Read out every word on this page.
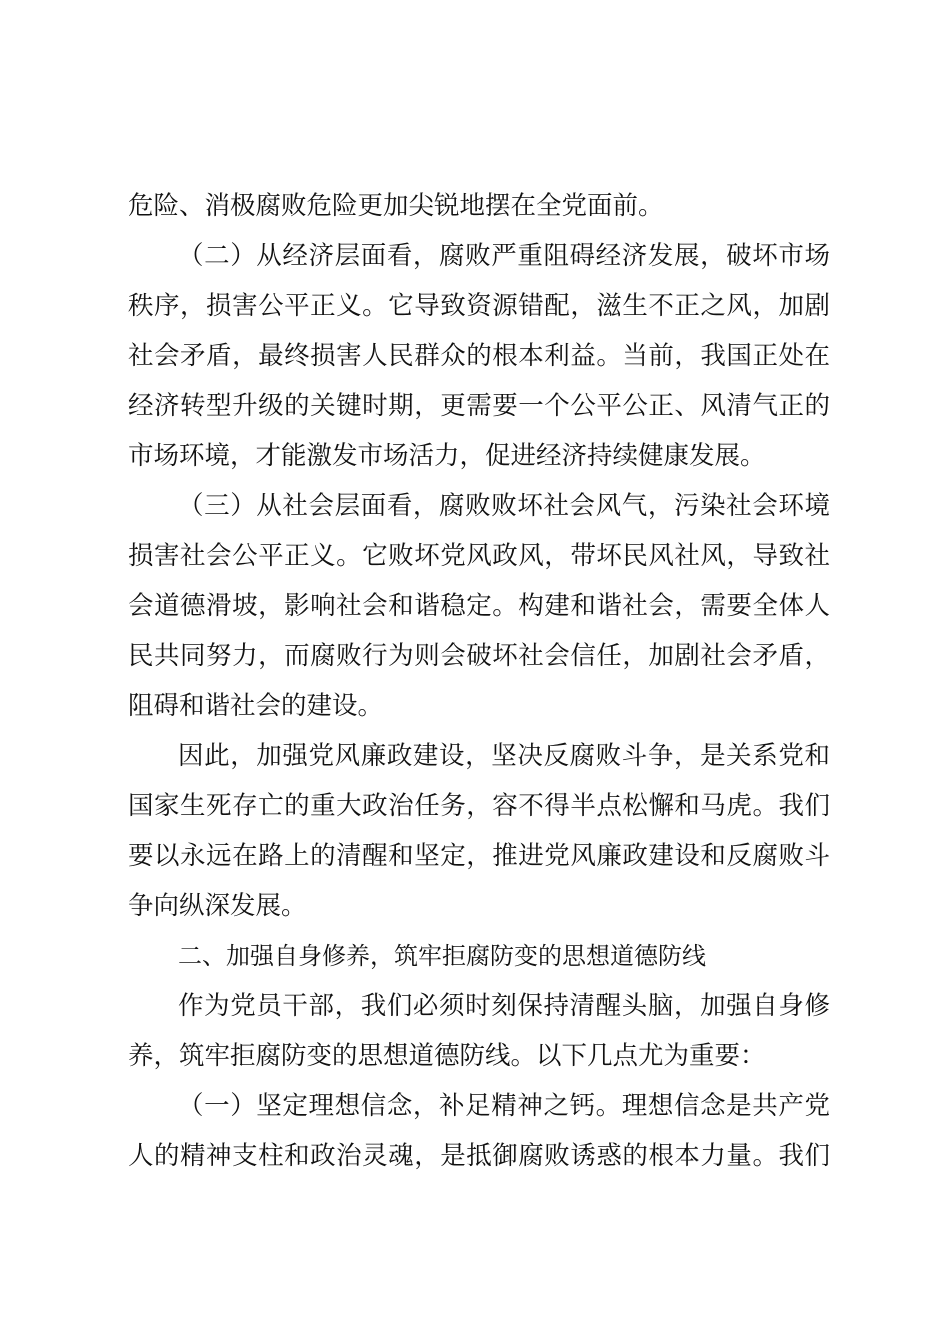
危险、消极腐败危险更加尖锐地摆在全党面前。
（二）从经济层面看，腐败严重阻碍经济发展，破坏市场
秩序，损害公平正义。它导致资源错配，滋生不正之风，加剧
社会矛盾，最终损害人民群众的根本利益。当前，我国正处在
经济转型升级的关键时期，更需要一个公平公正、风清气正的
市场环境，才能激发市场活力，促进经济持续健康发展。
（三）从社会层面看，腐败败坏社会风气，污染社会环境
损害社会公平正义。它败坏党风政风，带坏民风社风，导致社
会道德滑坡，影响社会和谐稳定。构建和谐社会，需要全体人
民共同努力，而腐败行为则会破坏社会信任，加剧社会矛盾，
阻碍和谐社会的建设。
因此，加强党风廉政建设，坚决反腐败斗争，是关系党和
国家生死存亡的重大政治任务，容不得半点松懈和马虎。我们
要以永远在路上的清醒和坚定，推进党风廉政建设和反腐败斗
争向纵深发展。
二、加强自身修养，筑牢拒腐防变的思想道德防线
作为党员干部，我们必须时刻保持清醒头脑，加强自身修
养，筑牢拒腐防变的思想道德防线。以下几点尤为重要：
（一）坚定理想信念，补足精神之钙。理想信念是共产党
人的精神支柱和政治灵魂，是抵御腐败诱惑的根本力量。我们
